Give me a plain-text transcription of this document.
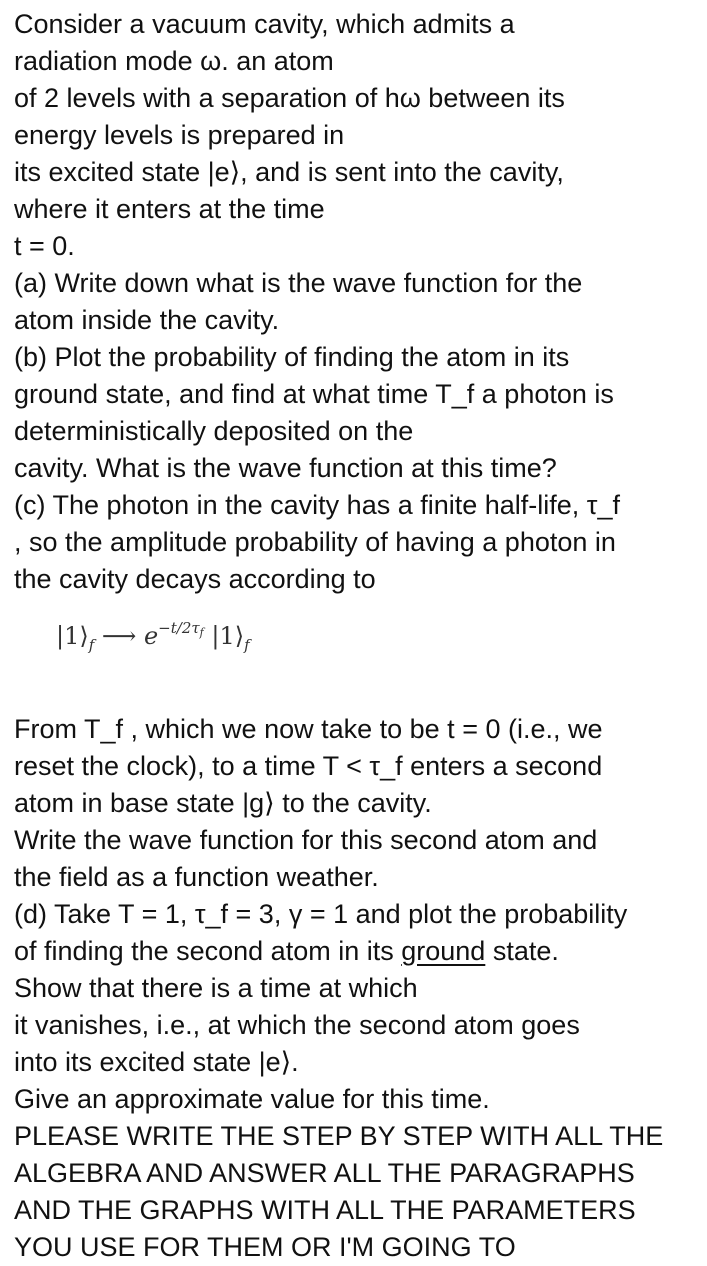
Consider a vacuum cavity, which admits a
radiation mode ω. an atom
of 2 levels with a separation of hω between its
energy levels is prepared in
its excited state |e⟩, and is sent into the cavity,
where it enters at the time
t = 0.
(a) Write down what is the wave function for the
atom inside the cavity.
(b) Plot the probability of finding the atom in its
ground state, and find at what time T_f a photon is
deterministically deposited on the
cavity. What is the wave function at this time?
(c) The photon in the cavity has a finite half-life, τ_f
, so the amplitude probability of having a photon in
the cavity decays according to
$|1⟩_f$ ⟶ $e^{-t/2\tau_f}$ $|1⟩_f$
From T_f , which we now take to be t = 0 (i.e., we
reset the clock), to a time T < τ_f enters a second
atom in base state |g⟩ to the cavity.
Write the wave function for this second atom and
the field as a function weather.
(d) Take T = 1, τ_f = 3, γ = 1 and plot the probability
of finding the second atom in its ground state.
Show that there is a time at which
it vanishes, i.e., at which the second atom goes
into its excited state |e⟩.
Give an approximate value for this time.
PLEASE WRITE THE STEP BY STEP WITH ALL THE
ALGEBRA AND ANSWER ALL THE PARAGRAPHS
AND THE GRAPHS WITH ALL THE PARAMETERS
YOU USE FOR THEM OR I'M GOING TO
